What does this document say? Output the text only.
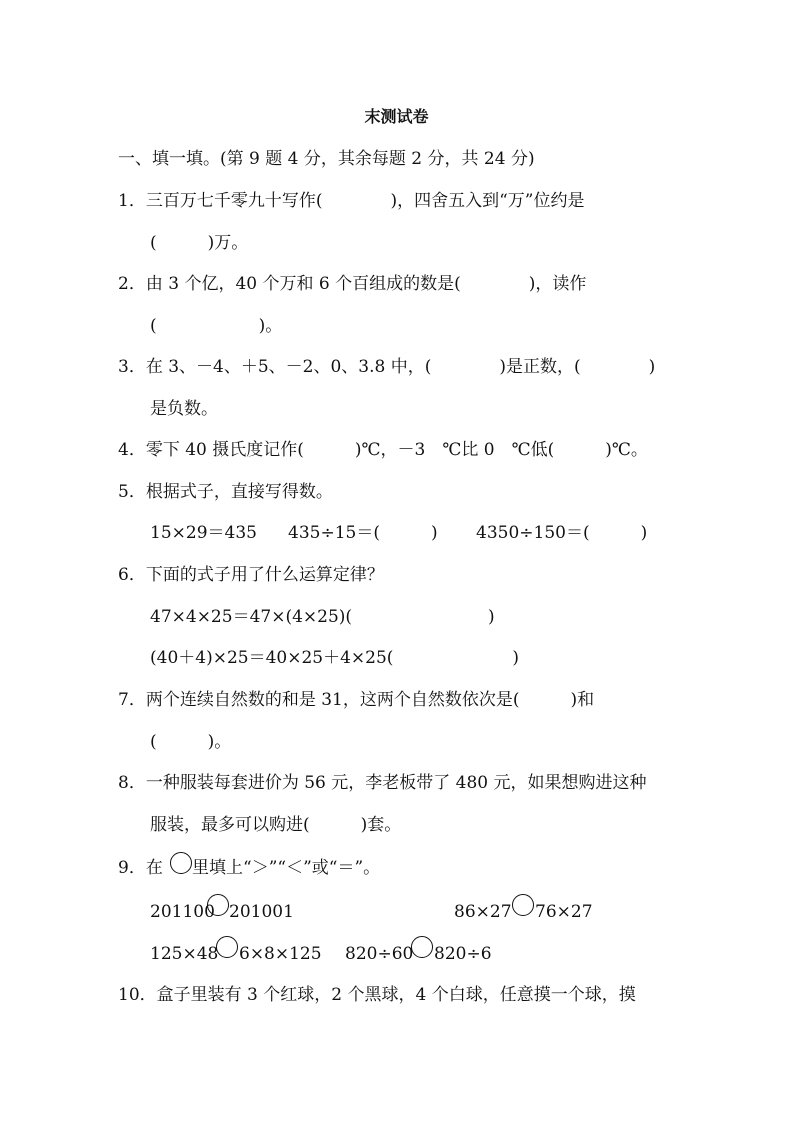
末测试卷
一、填一填。(第 9 题 4 分，其余每题 2 分，共 24 分)
1．三百万七千零九十写作(　　　　)，四舍五入到“万”位约是
(　　　)万。
2．由 3 个亿，40 个万和 6 个百组成的数是(　　　　)，读作
(　　　　　　)。
3．在 3、－4、＋5、－2、0、3.8 中，(　　　　)是正数，(　　　　)
是负数。
4．零下 40 摄氏度记作(　　　)℃，－3　℃比 0　℃低(　　　)℃。
5．根据式子，直接写得数。
15×29＝435 435÷15＝(　　　) 4350÷150＝(　　　)
6．下面的式子用了什么运算定律？
47×4×25＝47×(4×25)(　　　　　　　　)
(40＋4)×25＝40×25＋4×25(　　　　　　　)
7．两个连续自然数的和是 31，这两个自然数依次是(　　　)和
(　　　)。
8．一种服装每套进价为 56 元，李老板带了 480 元，如果想购进这种
服装，最多可以购进(　　　)套。
9．在 里填上“＞”“＜”或“＝”。
201100 201001	86×27 76×27
125×48 6×8×125 820÷60 820÷6
10．盒子里装有 3 个红球，2 个黑球，4 个白球，任意摸一个球，摸
